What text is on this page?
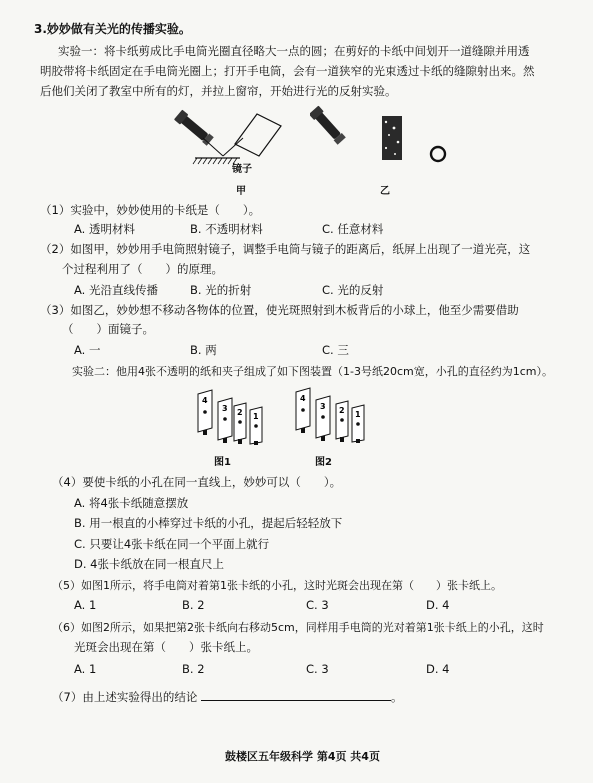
3.妙妙做有关光的传播实验。
实验一：将卡纸剪成比手电筒光圈直径略大一点的圆；在剪好的卡纸中间划开一道缝隙并用透
明胶带将卡纸固定在手电筒光圈上；打开手电筒，会有一道狭窄的光束透过卡纸的缝隙射出来。然
后他们关闭了教室中所有的灯，并拉上窗帘，开始进行光的反射实验。
镜子
甲	乙
（1）实验中，妙妙使用的卡纸是（　　）。
A. 透明材料	B. 不透明材料	C. 任意材料
（2）如图甲，妙妙用手电筒照射镜子，调整手电筒与镜子的距离后，纸屏上出现了一道光亮，这
个过程利用了（　　）的原理。
A. 光沿直线传播	B. 光的折射	C. 光的反射
（3）如图乙，妙妙想不移动各物体的位置，使光斑照射到木板背后的小球上，他至少需要借助
（　　）面镜子。
A. 一	B. 两	C. 三
实验二：他用4张不透明的纸和夹子组成了如下图装置（1-3号纸20cm宽，小孔的直径约为1cm）。
4
3 2 1
图1
4
3 2 1
图2
（4）要使卡纸的小孔在同一直线上，妙妙可以（　　）。
A. 将4张卡纸随意摆放
B. 用一根直的小棒穿过卡纸的小孔，提起后轻轻放下
C. 只要让4张卡纸在同一个平面上就行
D. 4张卡纸放在同一根直尺上
（5）如图1所示，将手电筒对着第1张卡纸的小孔，这时光斑会出现在第（　　）张卡纸上。
A. 1	B. 2	C. 3	D. 4
（6）如图2所示，如果把第2张卡纸向右移动5cm，同样用手电筒的光对着第1张卡纸上的小孔，这时
光斑会出现在第（　　）张卡纸上。
A. 1	B. 2	C. 3	D. 4
（7）由上述实验得出的结论	。
鼓楼区五年级科学 第4页 共4页
